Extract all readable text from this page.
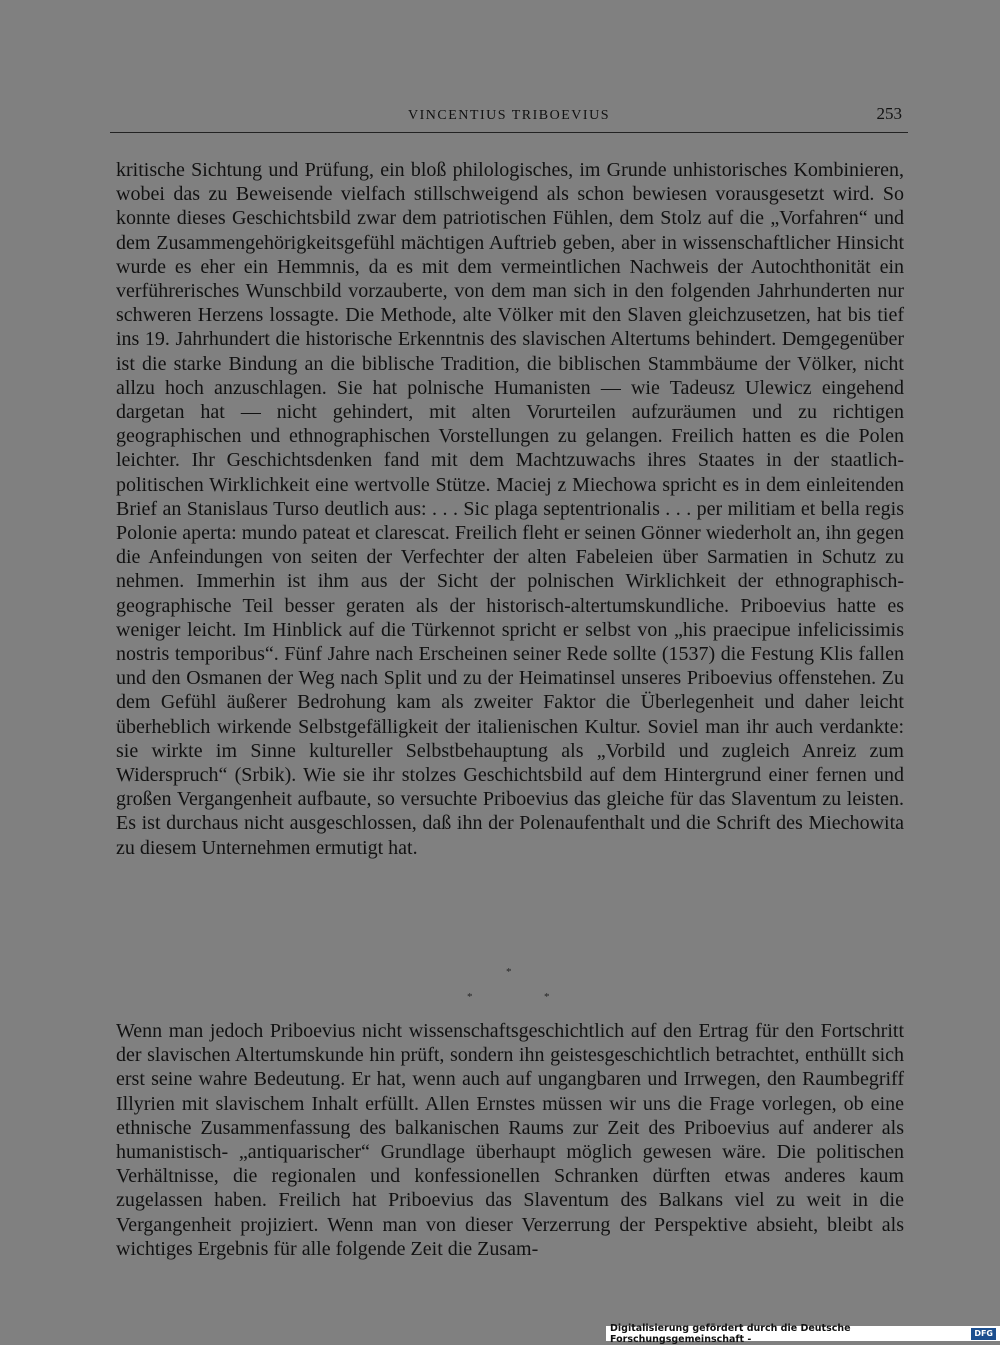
VINCENTIUS TRIBOEVIUS	253

kritische Sichtung und Prüfung, ein bloß philologisches, im Grunde unhistorisches Kombinieren, wobei das zu Beweisende vielfach stillschweigend als schon bewiesen vorausgesetzt wird. So konnte dieses Geschichtsbild zwar dem patriotischen Fühlen, dem Stolz auf die „Vorfahren“ und dem Zusammengehörigkeitsgefühl mächtigen Auftrieb geben, aber in wissenschaftlicher Hinsicht wurde es eher ein Hemmnis, da es mit dem vermeintlichen Nachweis der Autochthonität ein verführerisches Wunschbild vorzauberte, von dem man sich in den folgenden Jahrhunderten nur schweren Herzens lossagte. Die Methode, alte Völker mit den Slaven gleichzusetzen, hat bis tief ins 19. Jahrhundert die historische Erkenntnis des slavischen Altertums behindert. Demgegenüber ist die starke Bindung an die biblische Tradition, die biblischen Stammbäume der Völker, nicht allzu hoch anzuschlagen. Sie hat polnische Humanisten — wie Tadeusz Ulewicz eingehend dargetan hat — nicht gehindert, mit alten Vorurteilen aufzuräumen und zu richtigen geographischen und ethnographischen Vorstellungen zu gelangen. Freilich hatten es die Polen leichter. Ihr Geschichtsdenken fand mit dem Machtzuwachs ihres Staates in der staatlich-politischen Wirklichkeit eine wertvolle Stütze. Maciej z Miechowa spricht es in dem einleitenden Brief an Stanislaus Turso deutlich aus: . . . Sic plaga septentrionalis . . . per militiam et bella regis Polonie aperta: mundo pateat et clarescat. Freilich fleht er seinen Gönner wiederholt an, ihn gegen die Anfeindungen von seiten der Verfechter der alten Fabeleien über Sarmatien in Schutz zu nehmen. Immerhin ist ihm aus der Sicht der polnischen Wirklichkeit der ethnographisch-geographische Teil besser geraten als der historisch-altertumskundliche. Priboevius hatte es weniger leicht. Im Hinblick auf die Türkennot spricht er selbst von „his praecipue infelicissimis nostris temporibus“. Fünf Jahre nach Erscheinen seiner Rede sollte (1537) die Festung Klis fallen und den Osmanen der Weg nach Split und zu der Heimatinsel unseres Priboevius offenstehen. Zu dem Gefühl äußerer Bedrohung kam als zweiter Faktor die Überlegenheit und daher leicht überheblich wirkende Selbstgefälligkeit der italienischen Kultur. Soviel man ihr auch verdankte: sie wirkte im Sinne kultureller Selbstbehauptung als „Vorbild und zugleich Anreiz zum Widerspruch“ (Srbik). Wie sie ihr stolzes Geschichtsbild auf dem Hintergrund einer fernen und großen Vergangenheit aufbaute, so versuchte Priboevius das gleiche für das Slaventum zu leisten. Es ist durchaus nicht ausgeschlossen, daß ihn der Polenaufenthalt und die Schrift des Miechowita zu diesem Unternehmen ermutigt hat.

*
*	*

Wenn man jedoch Priboevius nicht wissenschaftsgeschichtlich auf den Ertrag für den Fortschritt der slavischen Altertumskunde hin prüft, sondern ihn geistesgeschichtlich betrachtet, enthüllt sich erst seine wahre Bedeutung. Er hat, wenn auch auf ungangbaren und Irrwegen, den Raumbegriff Illyrien mit slavischem Inhalt erfüllt. Allen Ernstes müssen wir uns die Frage vorlegen, ob eine ethnische Zusammenfassung des balkanischen Raums zur Zeit des Priboevius auf anderer als humanistisch- „antiquarischer“ Grundlage überhaupt möglich gewesen wäre. Die politischen Verhältnisse, die regionalen und konfessionellen Schranken dürften etwas anderes kaum zugelassen haben. Freilich hat Priboevius das Slaventum des Balkans viel zu weit in die Vergangenheit projiziert. Wenn man von dieser Verzerrung der Perspektive absieht, bleibt als wichtiges Ergebnis für alle folgende Zeit die Zusam-

Digitalisierung gefördert durch die Deutsche Forschungsgemeinschaft -
DFG
